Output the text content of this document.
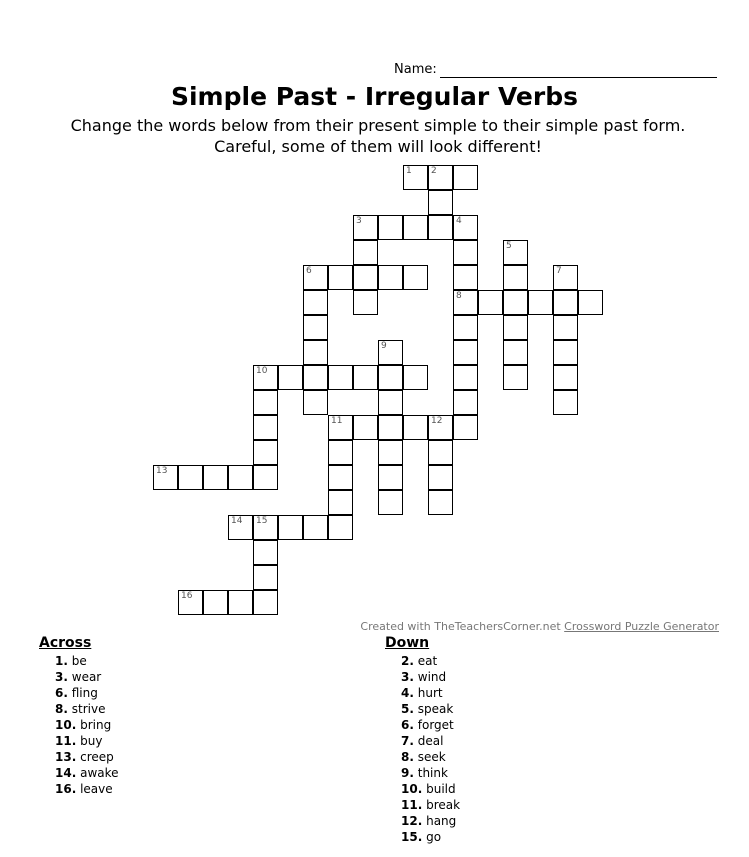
Name:
Simple Past - Irregular Verbs
Change the words below from their present simple to their simple past form.
Careful, some of them will look different!
1 2
3	4
8
5
6	7
9
10
11	12
13
14 15
16
Created with TheTeachersCorner.net Crossword Puzzle Generator
Across
1. be
3. wear
6. fling
8. strive
10. bring
11. buy
13. creep
14. awake
16. leave
Down
2. eat
3. wind
4. hurt
5. speak
6. forget
7. deal
8. seek
9. think
10. build
11. break
12. hang
15. go
